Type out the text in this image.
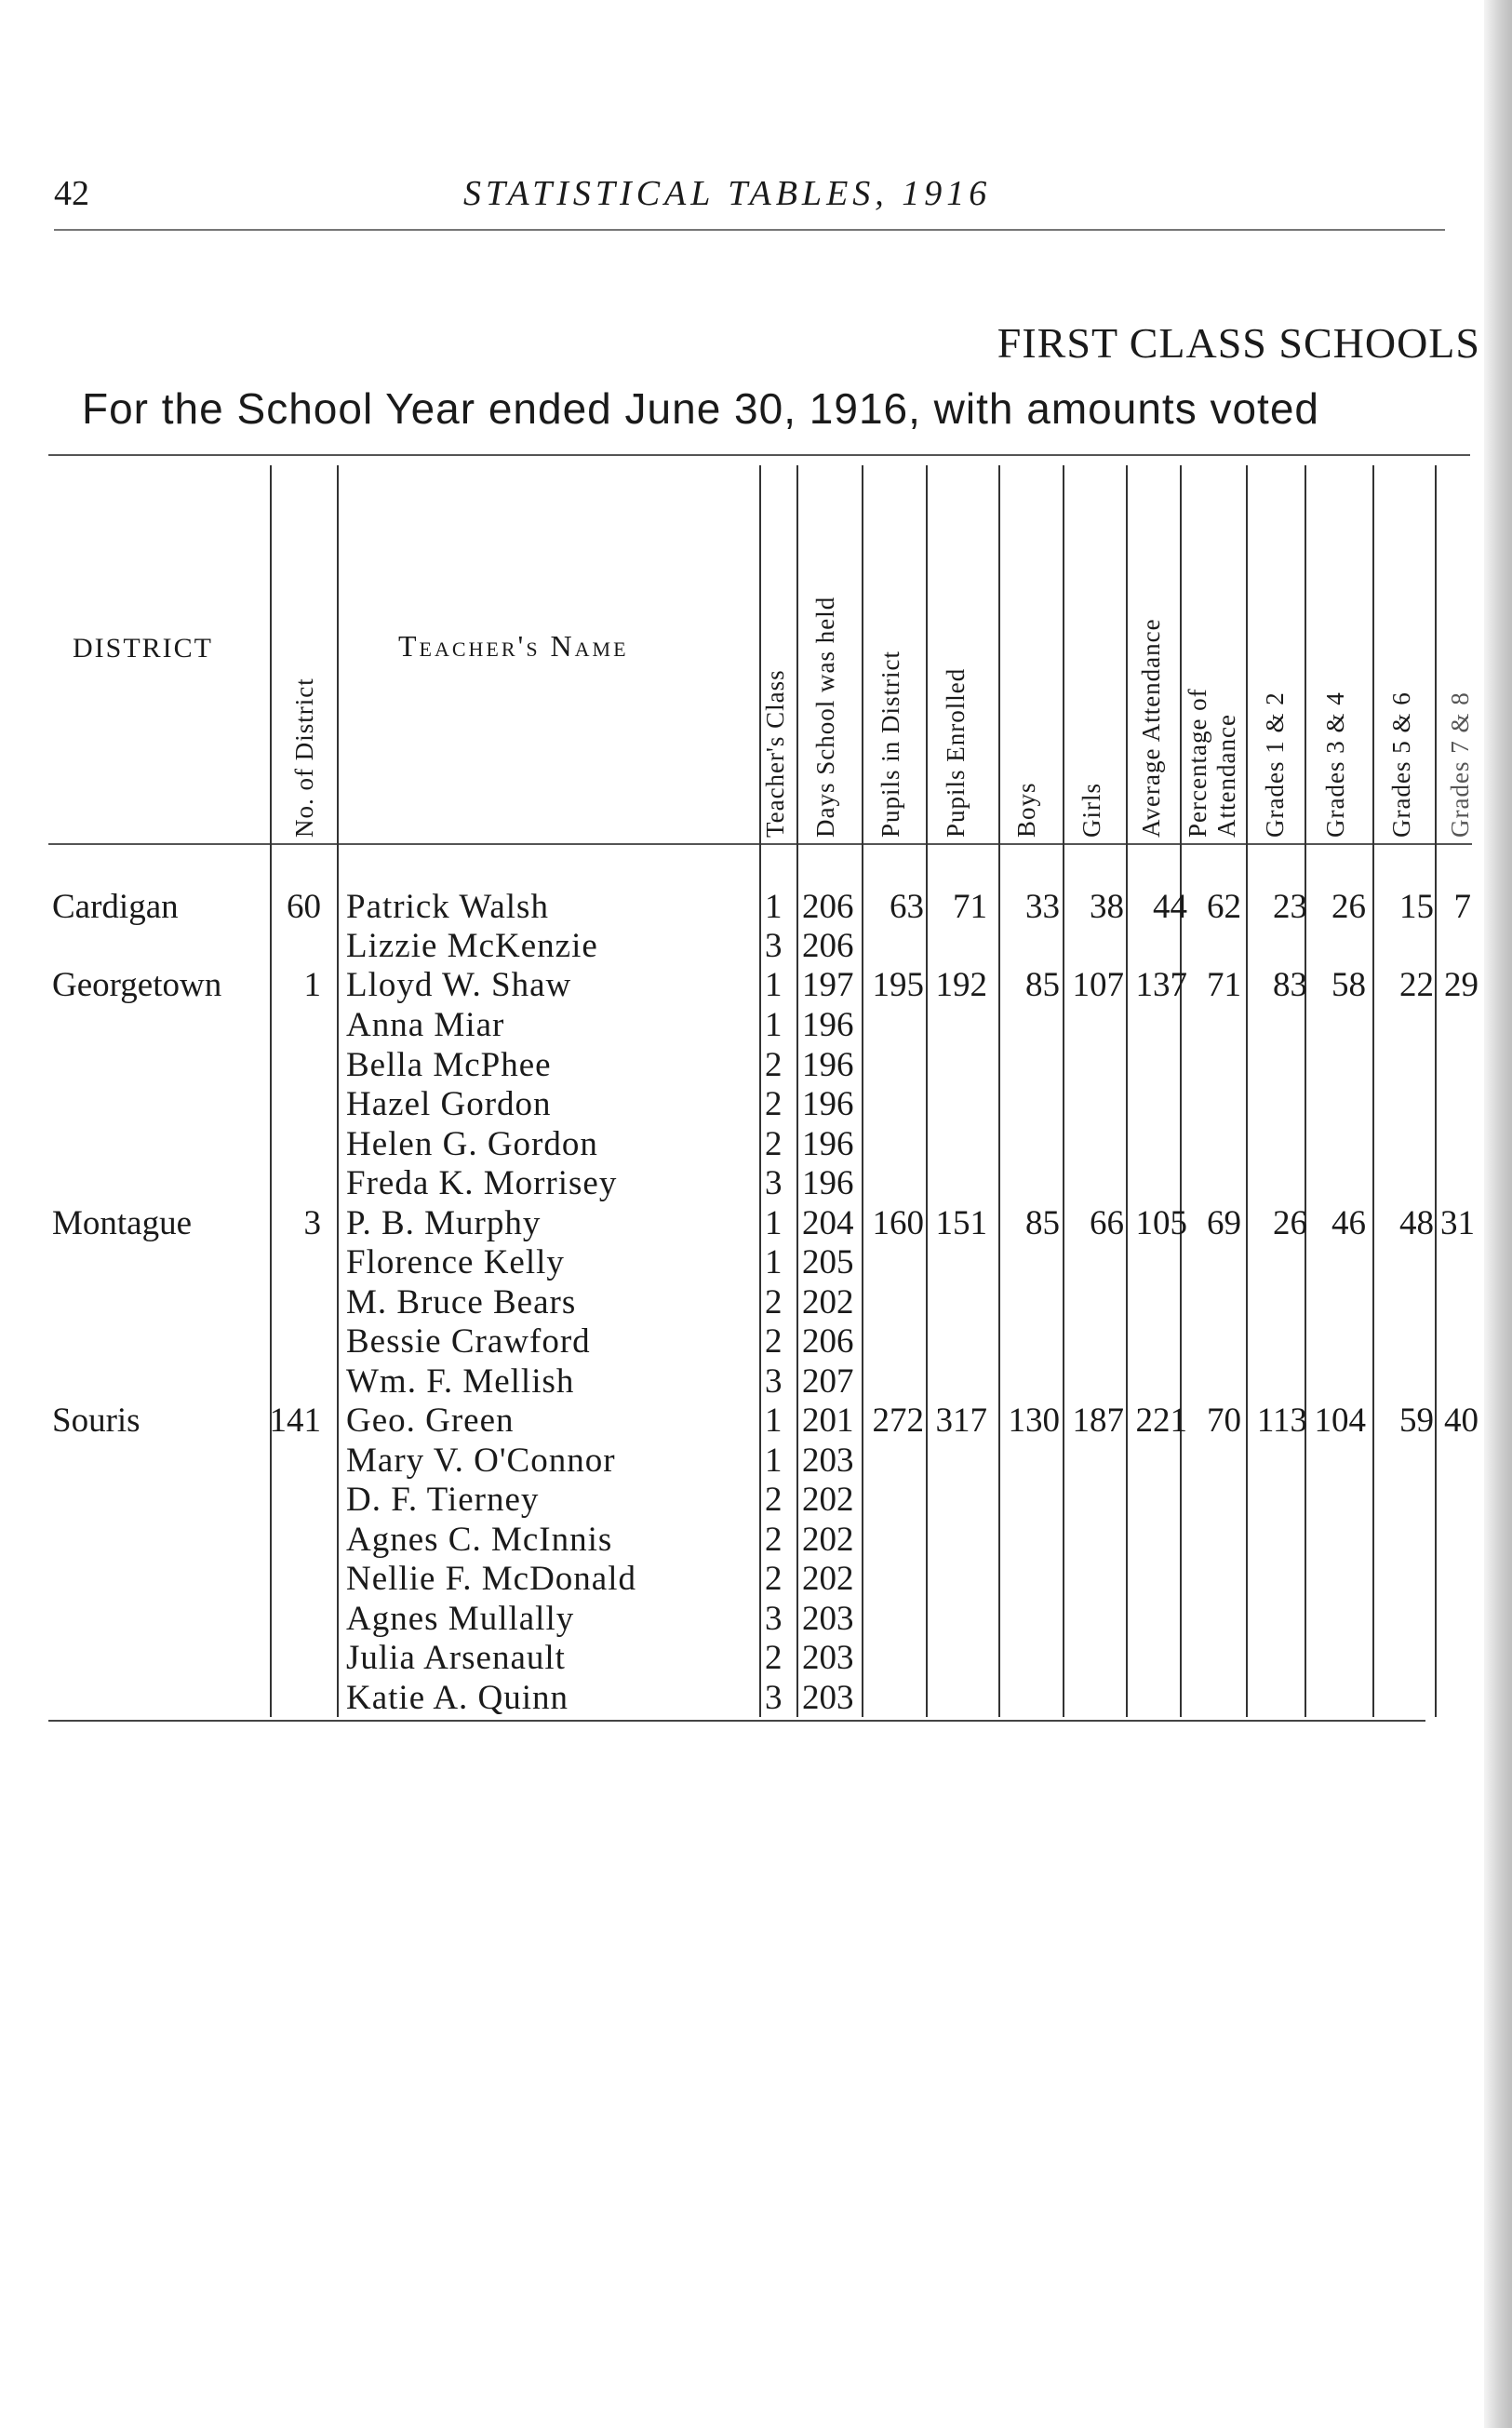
42	STATISTICAL TABLES, 1916
FIRST CLASS SCHOOLS
For the School Year ended June 30, 1916, with amounts voted
DISTRICT
No. of District
Teacher's Name
Teacher's Class Days School was held Pupils in District Pupils Enrolled Boys Girls Average Attendance Percentage of Attendance Grades 1 & 2 Grades 3 & 4 Grades 5 & 6 Grades 7 & 8
Cardigan
Georgetown
Montague
Souris
60
1
3
141
Patrick Walsh
Lizzie McKenzie
Lloyd W. Shaw
Anna Miar
Bella McPhee
Hazel Gordon
Helen G. Gordon
Freda K. Morrisey
P. B. Murphy
Florence Kelly
M. Bruce Bears
Bessie Crawford
Wm. F. Mellish
Geo. Green
Mary V. O'Connor
D. F. Tierney
Agnes C. McInnis
Nellie F. McDonald
Agnes Mullally
Julia Arsenault
Katie A. Quinn
1
3
1
1
2
2
2
3
1
1
2
2
3
1
1
2
2
2
3
2
3
206
206
197
196
196
196
196
196
204
205
202
206
207
201
203
202
202
202
203
203
203
63 71 33 38 44 62 23 26 15 7
195 192 85 107 137 71 83 58 22 29
160 151 85 66 105 69 26 46 48 31
272 317 130 187 221 70 113 104 59 40
